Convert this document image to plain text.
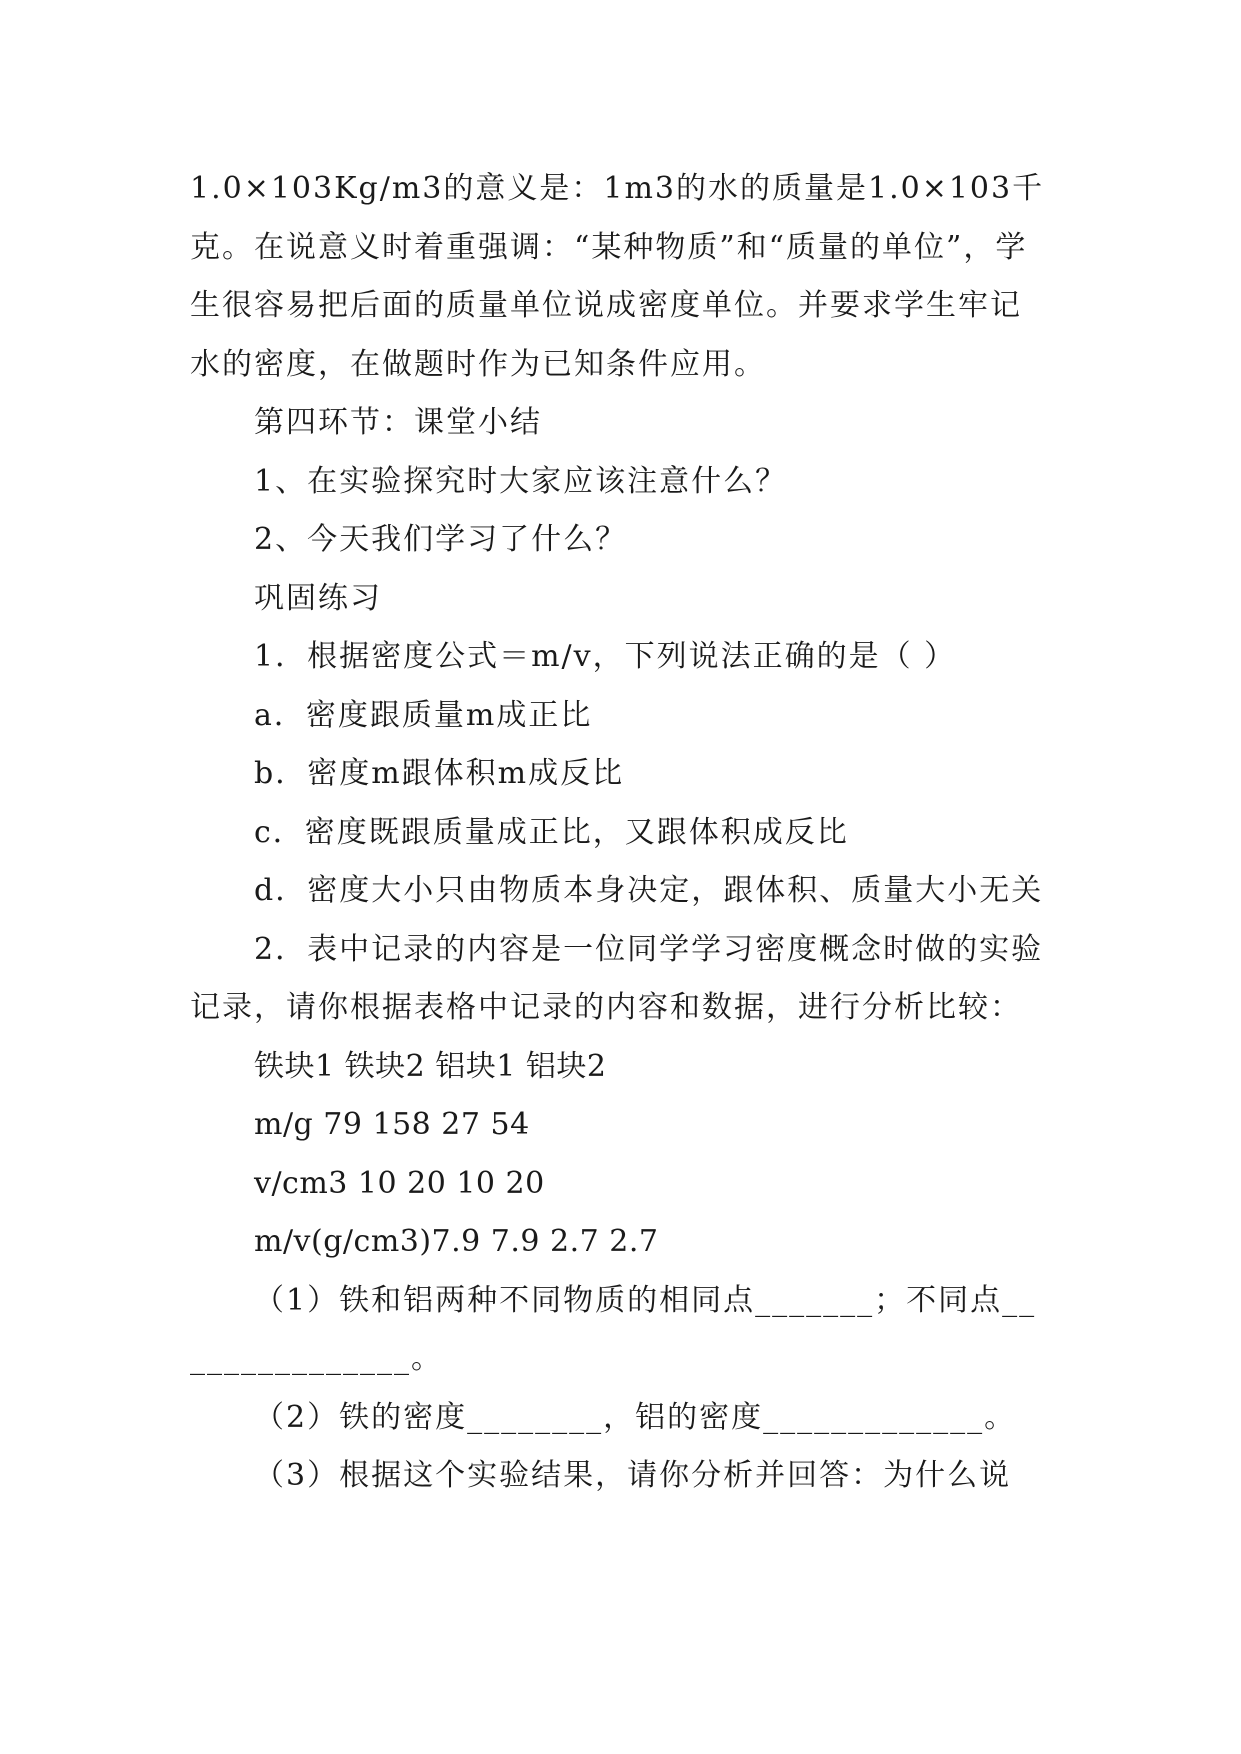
1.0×103Kg/m3的意义是：1m3的水的质量是1.0×103千克。在说意义时着重强调：“某种物质”和“质量的单位”，学生很容易把后面的质量单位说成密度单位。并要求学生牢记水的密度，在做题时作为已知条件应用。

第四环节：课堂小结

1、在实验探究时大家应该注意什么？

2、今天我们学习了什么？

巩固练习

1．根据密度公式＝m/v，下列说法正确的是（ ）

a．密度跟质量m成正比

b．密度m跟体积m成反比

c．密度既跟质量成正比，又跟体积成反比

d．密度大小只由物质本身决定，跟体积、质量大小无关

2．表中记录的内容是一位同学学习密度概念时做的实验记录，请你根据表格中记录的内容和数据，进行分析比较：

铁块1 铁块2 铝块1 铝块2

m/g 79 158 27 54

v/cm3 10 20 10 20

m/v(g/cm3)7.9 7.9 2.7 2.7

（1）铁和铝两种不同物质的相同点_______；不同点_______________。

（2）铁的密度________，铝的密度_____________。

（3）根据这个实验结果，请你分析并回答：为什么说
